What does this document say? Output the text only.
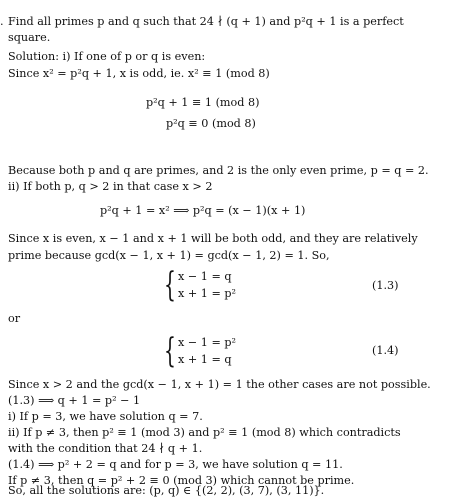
. Find all primes p and q such that 24 ∤ (q + 1) and p²q + 1 is a perfect
square.
Solution: i) If one of p or q is even:
Since x² = p²q + 1, x is odd, ie. x² ≡ 1 (mod 8)
p²q + 1 ≡ 1 (mod 8)
p²q ≡ 0 (mod 8)
Because both p and q are primes, and 2 is the only even prime, p = q = 2.
ii) If both p, q > 2 in that case x > 2
p²q + 1 = x² ⟹ p²q = (x − 1)(x + 1)
Since x is even, x − 1 and x + 1 will be both odd, and they are relatively
prime because gcd(x − 1, x + 1) = gcd(x − 1, 2) = 1. So,
{ x − 1 = q
x + 1 = p²
(1.3)
or
{ x − 1 = p²
x + 1 = q
(1.4)
Since x > 2 and the gcd(x − 1, x + 1) = 1 the other cases are not possible.
(1.3) ⟹ q + 1 = p² − 1
i) If p = 3, we have solution q = 7.
ii) If p ≠ 3, then p² ≡ 1 (mod 3) and p² ≡ 1 (mod 8) which contradicts
with the condition that 24 ∤ q + 1.
(1.4) ⟹ p² + 2 = q and for p = 3, we have solution q = 11.
If p ≠ 3, then q = p² + 2 ≡ 0 (mod 3) which cannot be prime.
So, all the solutions are: (p, q) ∈ {(2, 2), (3, 7), (3, 11)}.
